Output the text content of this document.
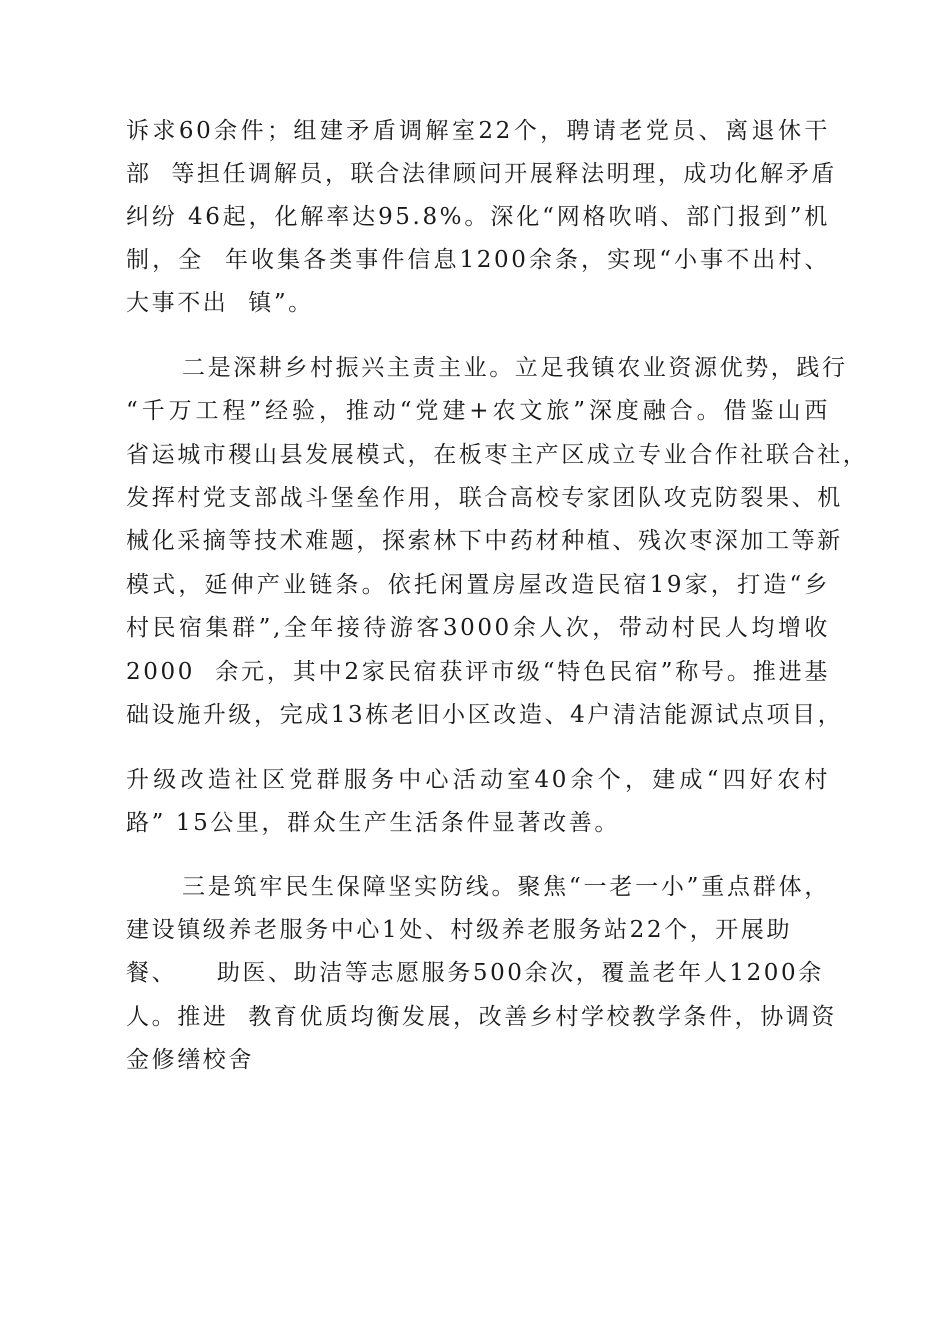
诉求60余件；组建矛盾调解室22个，聘请老党员、离退休干
部  等担任调解员，联合法律顾问开展释法明理，成功化解矛盾
纠纷 46起，化解率达95.8%。深化“网格吹哨、部门报到”机
制，全  年收集各类事件信息1200余条，实现“小事不出村、
大事不出  镇”。
二是深耕乡村振兴主责主业。立足我镇农业资源优势，践行
“千万工程”经验，推动“党建+农文旅”深度融合。借鉴山西
省运城市稷山县发展模式，在板枣主产区成立专业合作社联合社，
发挥村党支部战斗堡垒作用，联合高校专家团队攻克防裂果、机
械化采摘等技术难题，探索林下中药材种植、残次枣深加工等新
模式，延伸产业链条。依托闲置房屋改造民宿19家，打造“乡
村民宿集群”,全年接待游客3000余人次，带动村民人均增收
2000  余元，其中2家民宿获评市级“特色民宿”称号。推进基
础设施升级，完成13栋老旧小区改造、4户清洁能源试点项目，
升级改造社区党群服务中心活动室40余个，建成“四好农村
路” 15公里，群众生产生活条件显著改善。
三是筑牢民生保障坚实防线。聚焦“一老一小”重点群体，
建设镇级养老服务中心1处、村级养老服务站22个，开展助
餐、    助医、助洁等志愿服务500余次，覆盖老年人1200余
人。推进  教育优质均衡发展，改善乡村学校教学条件，协调资
金修缮校舍
